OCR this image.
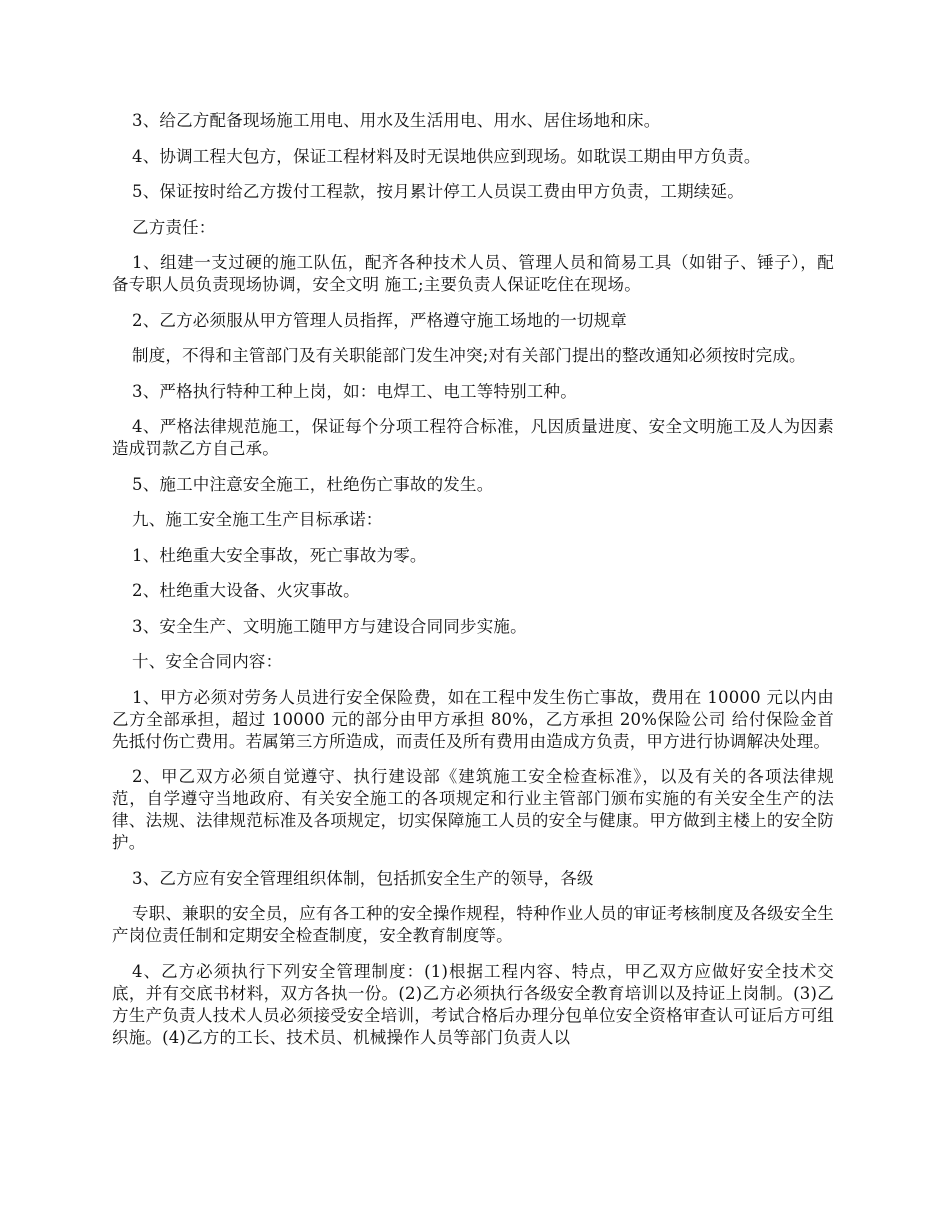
3、给乙方配备现场施工用电、用水及生活用电、用水、居住场地和床。

4、协调工程大包方，保证工程材料及时无误地供应到现场。如耽误工期由甲方负责。

5、保证按时给乙方拨付工程款，按月累计停工人员误工费由甲方负责，工期续延。

乙方责任：

1、组建一支过硬的施工队伍，配齐各种技术人员、管理人员和简易工具（如钳子、锤子），配备专职人员负责现场协调，安全文明 施工;主要负责人保证吃住在现场。

2、乙方必须服从甲方管理人员指挥，严格遵守施工场地的一切规章

制度，不得和主管部门及有关职能部门发生冲突;对有关部门提出的整改通知必须按时完成。

3、严格执行特种工种上岗，如：电焊工、电工等特别工种。

4、严格法律规范施工，保证每个分项工程符合标准，凡因质量进度、安全文明施工及人为因素造成罚款乙方自己承。

5、施工中注意安全施工，杜绝伤亡事故的发生。

九、施工安全施工生产目标承诺：

1、杜绝重大安全事故，死亡事故为零。

2、杜绝重大设备、火灾事故。

3、安全生产、文明施工随甲方与建设合同同步实施。

十、安全合同内容：

1、甲方必须对劳务人员进行安全保险费，如在工程中发生伤亡事故，费用在 10000 元以内由乙方全部承担，超过 10000 元的部分由甲方承担 80%，乙方承担 20%保险公司 给付保险金首先抵付伤亡费用。若属第三方所造成，而责任及所有费用由造成方负责，甲方进行协调解决处理。

2、甲乙双方必须自觉遵守、执行建设部《建筑施工安全检查标准》，以及有关的各项法律规范，自学遵守当地政府、有关安全施工的各项规定和行业主管部门颁布实施的有关安全生产的法律、法规、法律规范标准及各项规定，切实保障施工人员的安全与健康。甲方做到主楼上的安全防护。

3、乙方应有安全管理组织体制，包括抓安全生产的领导，各级

专职、兼职的安全员，应有各工种的安全操作规程，特种作业人员的审证考核制度及各级安全生产岗位责任制和定期安全检查制度，安全教育制度等。

4、乙方必须执行下列安全管理制度：(1)根据工程内容、特点，甲乙双方应做好安全技术交底，并有交底书材料，双方各执一份。(2)乙方必须执行各级安全教育培训以及持证上岗制。(3)乙方生产负责人技术人员必须接受安全培训，考试合格后办理分包单位安全资格审查认可证后方可组织施。(4)乙方的工长、技术员、机械操作人员等部门负责人以
